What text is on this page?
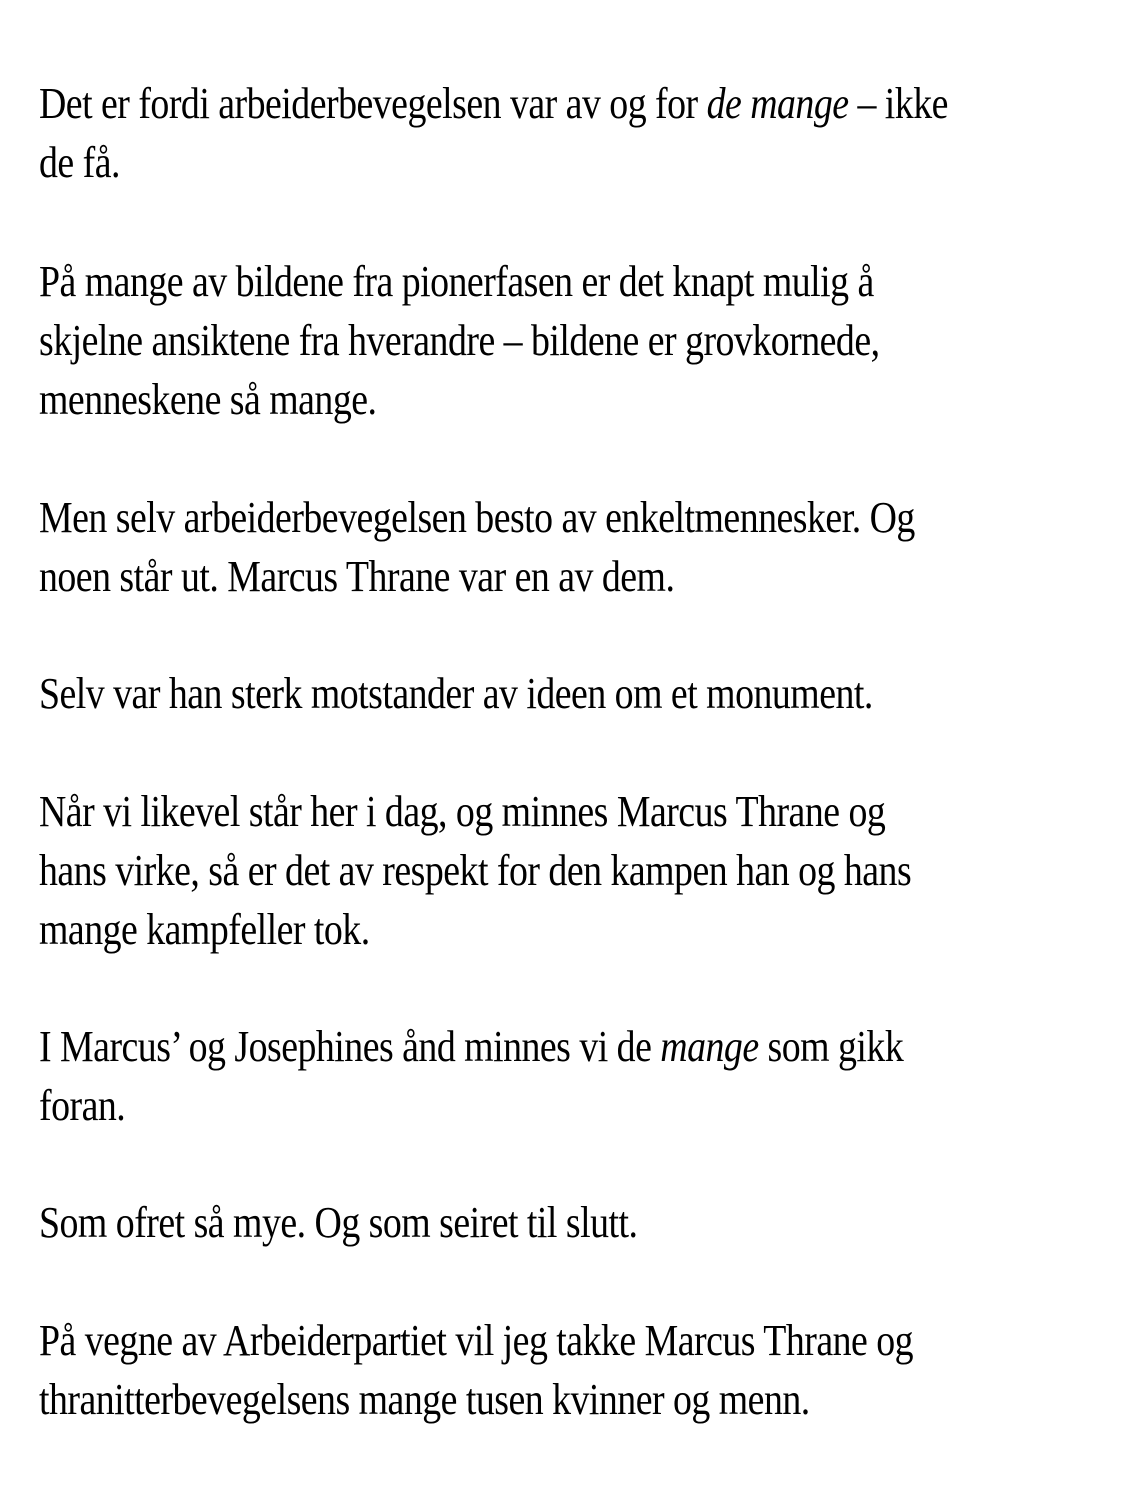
Det er fordi arbeiderbevegelsen var av og for de mange – ikke
de få.

På mange av bildene fra pionerfasen er det knapt mulig å
skjelne ansiktene fra hverandre – bildene er grovkornede,
menneskene så mange.

Men selv arbeiderbevegelsen besto av enkeltmennesker. Og
noen står ut. Marcus Thrane var en av dem.

Selv var han sterk motstander av ideen om et monument.

Når vi likevel står her i dag, og minnes Marcus Thrane og
hans virke, så er det av respekt for den kampen han og hans
mange kampfeller tok.

I Marcus’ og Josephines ånd minnes vi de mange som gikk
foran.

Som ofret så mye. Og som seiret til slutt.

På vegne av Arbeiderpartiet vil jeg takke Marcus Thrane og
thranitterbevegelsens mange tusen kvinner og menn.
